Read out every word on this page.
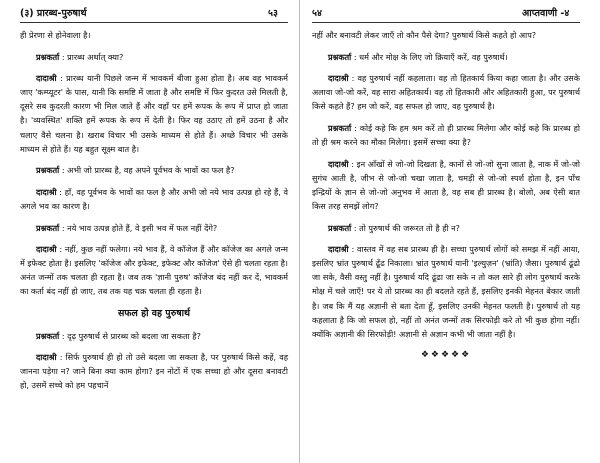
(३) प्रारब्ध-पुरुषार्थ	५३

ही प्रेरणा से होनेवाला है।

प्रश्नकर्ता : प्रारब्ध अर्थात् क्या?

दादाश्री : प्रारब्ध यानी पिछले जन्म में भावकर्म बीजा हुआ होता है। अब वह भावकर्म जाए 'कम्प्यूटर' के पास, यानी कि समष्टि में जाता है और समष्टि में फिर कुदरत उसे मिलती है, दूसरे सब कुदरती कारण भी मिल जाते हैं और वहाँ पर हमें रूपक के रूप में प्राप्त हो जाता है। 'व्यवस्थित' शक्ति हमें रूपक के रूप में देती है। फिर वह उठाए तो हमें उठना है और चलाए वैसे चलना है। खराब विचार भी उसके माध्यम से होते हैं। अच्छे विचार भी उसके माध्यम से होते हैं। यह बहुत सूक्ष्म बात है।

प्रश्नकर्ता : अभी जो प्रारब्ध है, वह अपने पूर्वभव के भावों का फल है?

दादाश्री : हाँ, वह पूर्वभव के भावों का फल है और अभी जो नये भाव उत्पन्न हो रहे हैं, वे अगले भव का कारण है।

प्रश्नकर्ता : नये भाव उत्पन्न होते हैं, वे इसी भव में फल नहीं देंगे?

दादाश्री : नहीं, कुछ नहीं फलेगा। नये भाव हैं, वे कॉजेज हैं और कॉजेज का अगले जन्म में इफेक्ट होता है। इसलिए 'कॉजेज और इफेक्ट, इफेक्ट और कॉजेज' ऐसे ही चलता रहता है। अनंत जन्मों तक चलता ही रहता है। जब तक 'ज्ञानी पुरुष' कॉजेज बंद नहीं कर दें, भावकर्म का कर्ता बंद नहीं हो जाए, तब तक यह चक्र चलता ही रहता है।

सफल हो वह पुरुषार्थ

प्रश्नकर्ता : दृढ़ पुरुषार्थ से प्रारब्ध को बदला जा सकता है?

दादाश्री : सिर्फ पुरुषार्थ ही हो तो उसे बदला जा सकता है, पर पुरुषार्थ किसे कहें, वह जानना पड़ेगा न? जाने बिना क्या काम होगा? इन नोटों में एक सच्चा हो और दूसरा बनावटी हो, उसमें सच्चे को हम पहचानें

५४	आप्तवाणी -४

नहीं और बनावटी लेकर जाएँ तो कौन पैसे देगा? पुरुषार्थ किसे कहते हो आप?

प्रश्नकर्ता : धर्म और मोक्ष के लिए जो क्रियाएँ करें, वह पुरुषार्थ।

दादाश्री : वह पुरुषार्थ नहीं कहलाता। वह तो हितकार्य किया कहा जाता है। और उसके अलावा जो-जो करें, वह सारा अहितकार्य। वह तो हितकारी और अहितकारी हुआ, पर पुरुषार्थ किसे कहते हैं? हम जो करें, वह सफल हो जाए, वह पुरुषार्थ है।

प्रश्नकर्ता : कोई कहे कि हम श्रम करें तो ही प्रारब्ध मिलेगा और कोई कहे कि प्रारब्ध हो तो ही श्रम करने का मौका मिलेगा। इसमें सच्चा क्या है?

दादाश्री : इन आँखों से जो-जो दिखता है, कानों से जो-जो सुना जाता है, नाक में जो-जो सुगंध आती है, जीभ से जो-जो चखा जाता है, चमड़ी से जो-जो स्पर्श होता है, इन पाँच इन्द्रियों के ज्ञान से जो-जो अनुभव में आता है, वह सब ही प्रारब्ध है। बोलो, अब ऐसी बात किस तरह समझें लोग?

प्रश्नकर्ता : तो पुरुषार्थ की जरूरत तो है ही न?

दादाश्री : वास्तव में वह सब प्रारब्ध ही है। सच्चा पुरुषार्थ लोगों को समझ में नहीं आया, इसलिए भ्रांत पुरुषार्थ ढूँढ निकाला। भ्रांत पुरुषार्थ यानी 'इल्युज़न' (भ्रांति) जैसा। पुरुषार्थ ढूंढो जा सके, वैसी वस्तु नहीं है। पुरुषार्थ यदि ढूंढा जा सके न तो कल सारे ही लोग पुरुषार्थ करके मोक्ष में चले जाएँ! पर ये तो प्रारब्ध का ही बदलते रहते हैं, इसलिए इनकी मेहनत बेकार जाती है। जब कि मैं यह अज्ञानी से बता देता हूँ, इसलिए उनकी मेहनत फलती है। पुरुषार्थ तो यह कहलाता है कि जो सफल हो, नहीं तो अनंत जन्मों तक सिरफोड़ी करे तो भी कुछ होगा नहीं। क्योंकि अज्ञानी की सिरफोड़ी! अज्ञानी से अज्ञान कभी भी जाता नहीं है।

❖❖❖❖❖
